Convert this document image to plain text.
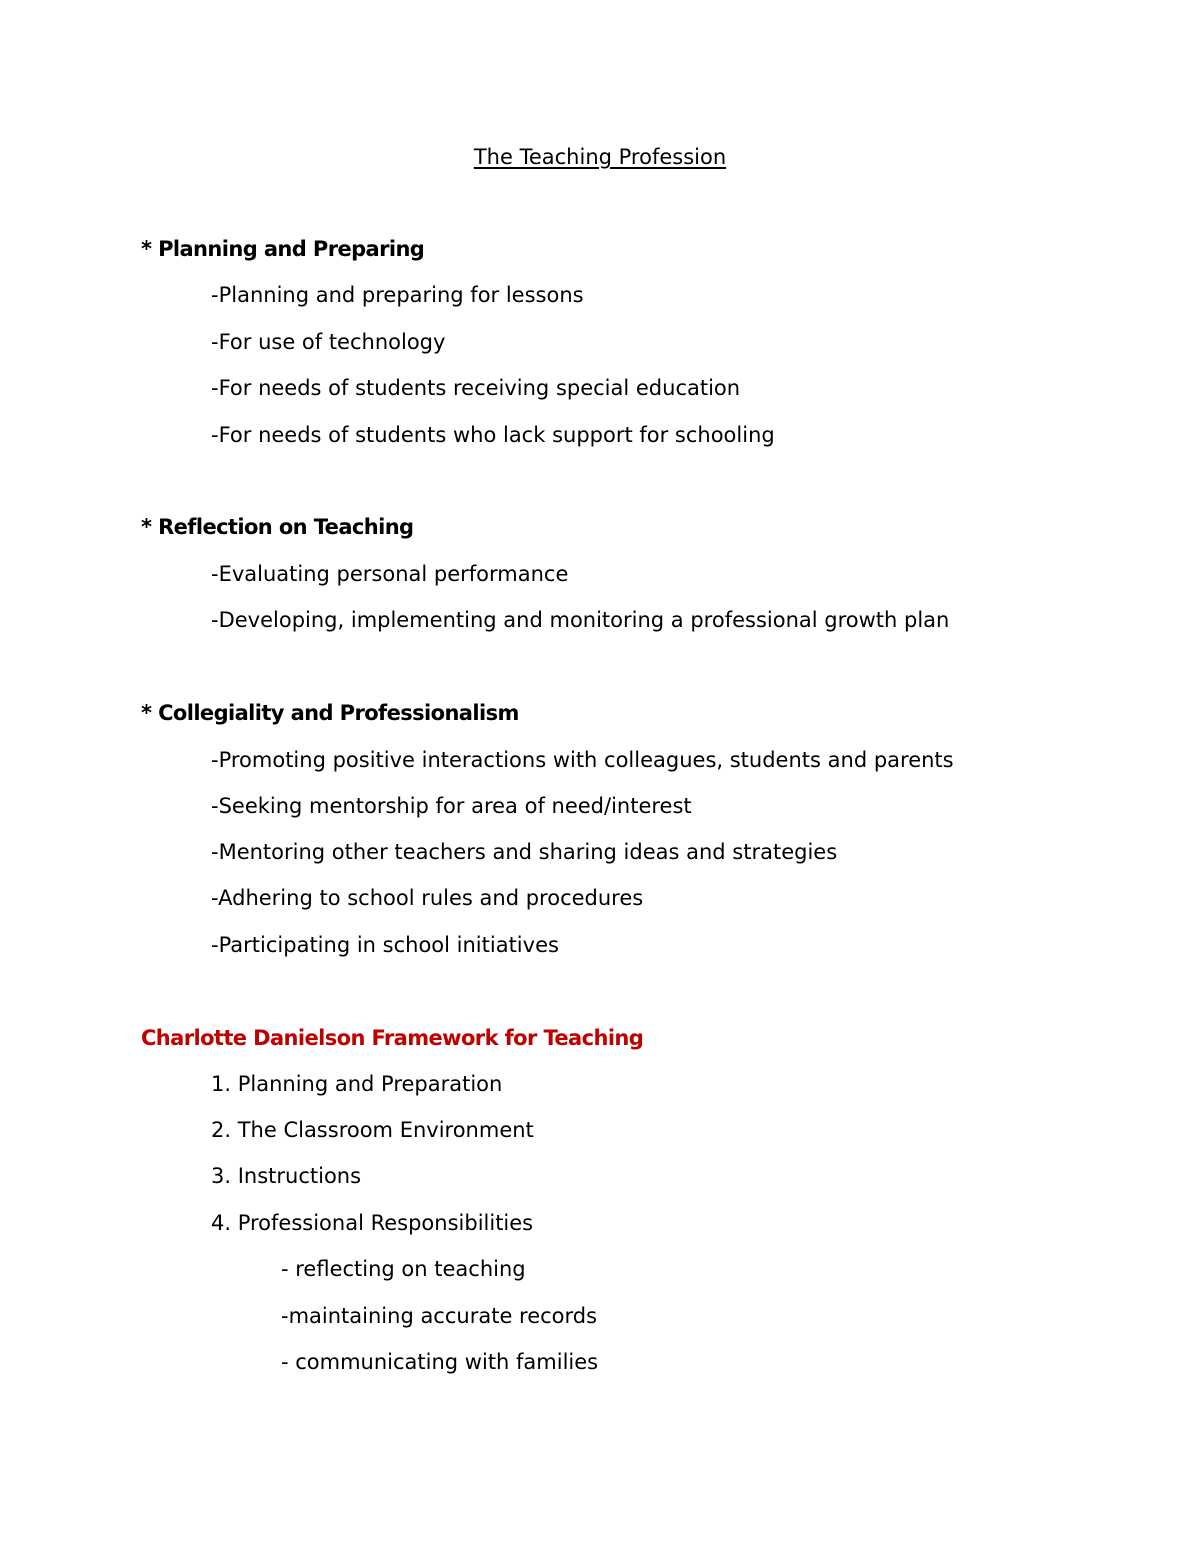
The Teaching Profession

* Planning and Preparing

-Planning and preparing for lessons

-For use of technology

-For needs of students receiving special education

-For needs of students who lack support for schooling

* Reflection on Teaching

-Evaluating personal performance

-Developing, implementing and monitoring a professional growth plan

* Collegiality and Professionalism

-Promoting positive interactions with colleagues, students and parents

-Seeking mentorship for area of need/interest

-Mentoring other teachers and sharing ideas and strategies

-Adhering to school rules and procedures

-Participating in school initiatives

Charlotte Danielson Framework for Teaching

1. Planning and Preparation

2. The Classroom Environment

3. Instructions

4. Professional Responsibilities

- reflecting on teaching

-maintaining accurate records

- communicating with families
